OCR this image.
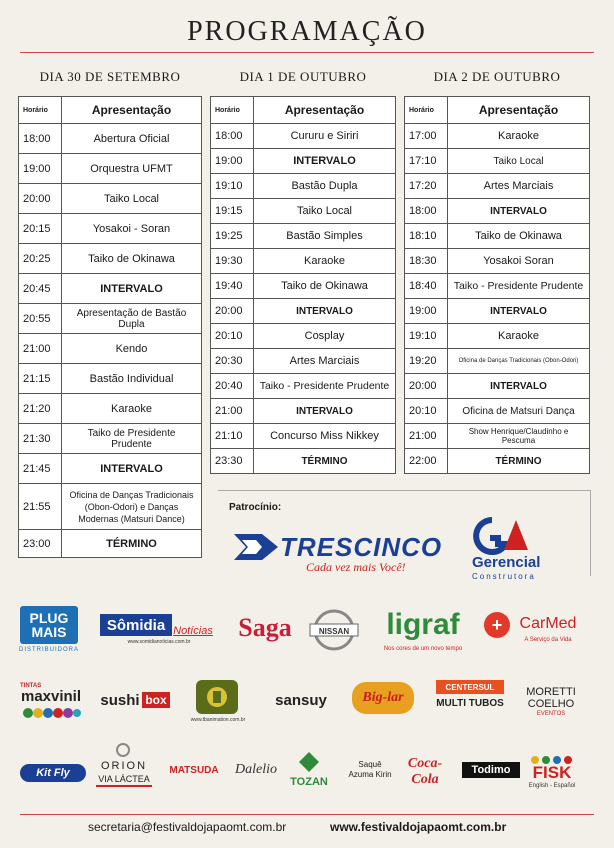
PROGRAMAÇÃO
DIA 30 DE SETEMBRO	DIA 1 DE OUTUBRO	DIA 2 DE OUTUBRO
Horário	Apresentação
18:00	Abertura Oficial
19:00	Orquestra UFMT
20:00	Taiko Local
20:15	Yosakoi - Soran
20:25	Taiko de Okinawa
20:45	INTERVALO
20:55	Apresentação de Bastão Dupla
21:00	Kendo
21:15	Bastão Individual
21:20	Karaoke
21:30	Taiko de Presidente Prudente
21:45	INTERVALO
21:55	Oficina de Danças Tradicionais (Obon-Odori) e Danças Modernas (Matsuri Dance)
23:00	TÉRMINO
Horário	Apresentação
18:00	Cururu e Siriri
19:00	INTERVALO
19:10	Bastão Dupla
19:15	Taiko Local
19:25	Bastão Simples
19:30	Karaoke
19:40	Taiko de Okinawa
20:00	INTERVALO
20:10	Cosplay
20:30	Artes Marciais
20:40	Taiko - Presidente Prudente
21:00	INTERVALO
21:10	Concurso Miss Nikkey
23:30	TÉRMINO
Horário	Apresentação
17:00	Karaoke
17:10	Taiko Local
17:20	Artes Marciais
18:00	INTERVALO
18:10	Taiko de Okinawa
18:30	Yosakoi Soran
18:40	Taiko - Presidente Prudente
19:00	INTERVALO
19:10	Karaoke
19:20	Oficina de Danças Tradicionais (Obon-Odori)
20:00	INTERVALO
20:10	Oficina de Matsuri Dança
21:00	Show Henrique/Claudinho e Pescuma
22:00	TÉRMINO
Patrocínio:
TRESCINCO
Cada vez mais Você!	Gerencial
Construtora
PLUG MAIS
DISTRIBUIDORA
Sômidia Notícias
www.somidianoticias.com.br	Saga	NISSAN ligraf
Nos cores de um novo tempo
+	CarMed
A Serviço da Vida
TINTAS
maxvinil sushi box
www.tbanimation.com.br
sansuy	Big-lar
CENTERSUL
MULTI TUBOS
MORETTI
COELHO
EVENTOS
Kit Fly
ORION
VIA LÁCTEA
MATSUDA	Dalelio
TOZAN
Saquê Azuma Kirin
Coca-Cola
Todimo	FISK
English - Español
secretaria@festivaldojapaomt.com.br	www.festivaldojapaomt.com.br
